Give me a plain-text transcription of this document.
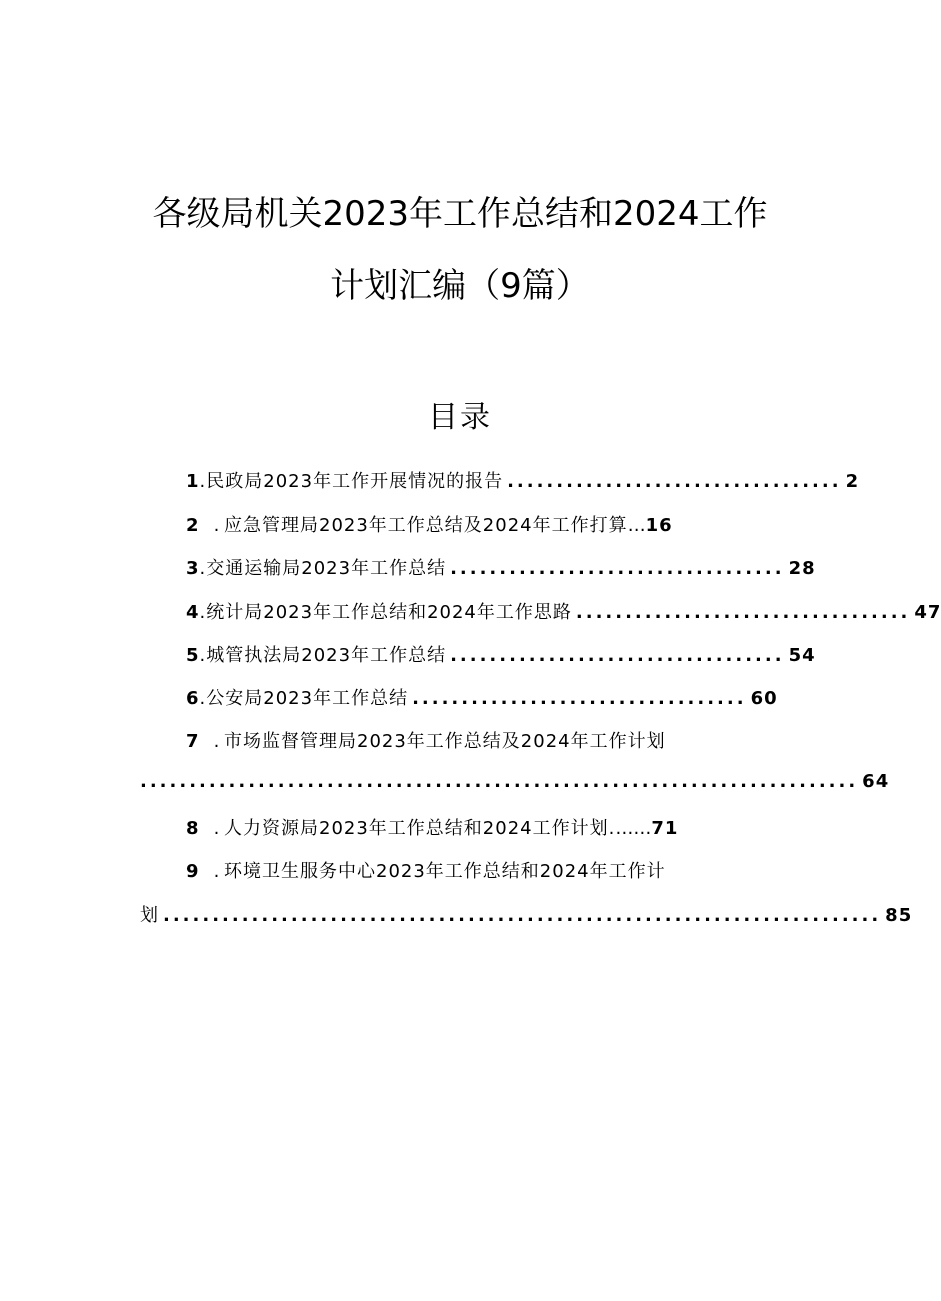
各级局机关2023年工作总结和2024工作
计划汇编（9篇）
目录
1 . 民政局2023年工作开展情况的报告 .................................. 2
2 . 应急管理局2023年工作总结及2024年工作打算 … 16
3 . 交通运输局2023年工作总结 .................................. 28
4 . 统计局2023年工作总结和2024年工作思路 .................................. 47
5 . 城管执法局2023年工作总结 .................................. 54
6 . 公安局2023年工作总结 .................................. 60
7 . 市场监督管理局2023年工作总结及2024年工作计划
......................................................................... 64
8 . 人力资源局2023年工作总结和2024工作计划. …… 71
9 . 环境卫生服务中心2023年工作总结和2024年工作计
划 ......................................................................... 85
